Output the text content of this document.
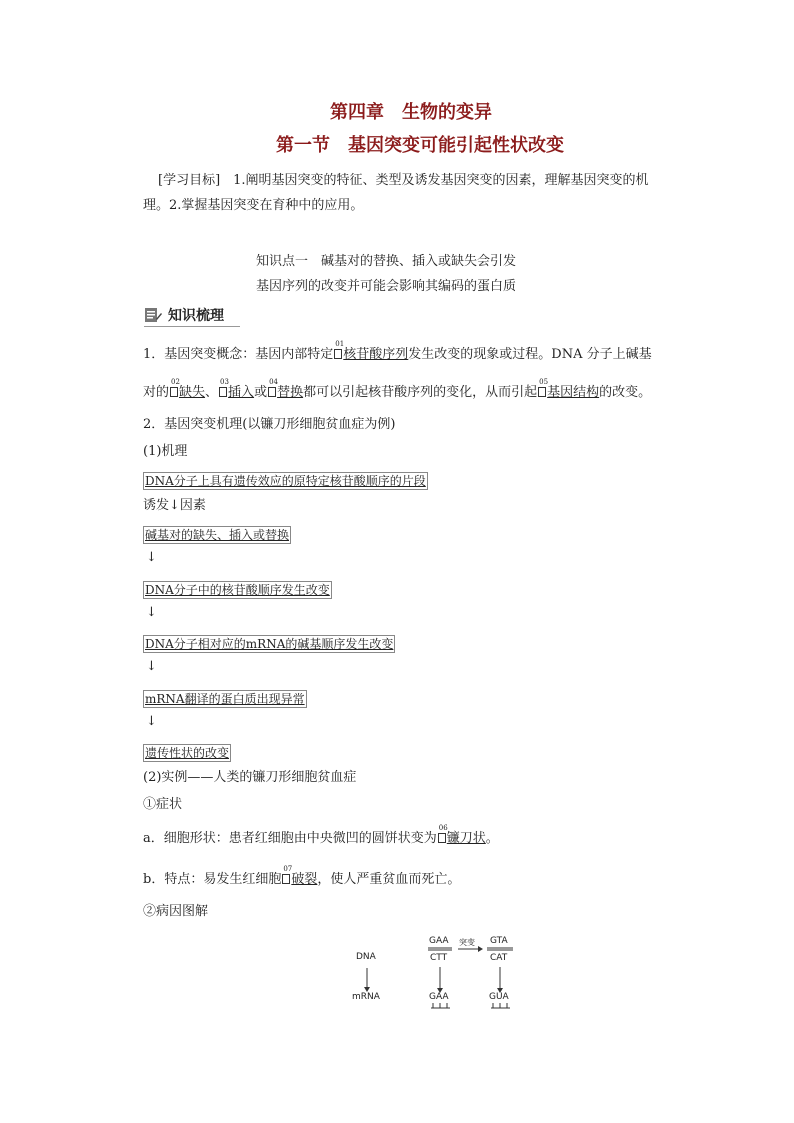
第四章　生物的变异
第一节　基因突变可能引起性状改变
[学习目标]　1.阐明基因突变的特征、类型及诱发基因突变的因素，理解基因突变的机
理。2.掌握基因突变在育种中的应用。
知识点一　碱基对的替换、插入或缺失会引发
基因序列的改变并可能会影响其编码的蛋白质
知识梳理
1．基因突变概念：基因内部特定
01
核苷酸序列发生改变的现象或过程。DNA 分子上碱基
对的
02
缺失、
03
插入或
04
替换都可以引起核苷酸序列的变化，从而引起
05
基因结构的改变。
2．基因突变机理(以镰刀形细胞贫血症为例)
(1)机理
DNA分子上具有遗传效应的原特定核苷酸顺序的片段
诱发↓因素
碱基对的缺失、插入或替换
↓
DNA分子中的核苷酸顺序发生改变
↓
DNA分子相对应的mRNA的碱基顺序发生改变
↓
mRNA翻译的蛋白质出现异常
↓
遗传性状的改变
(2)实例——人类的镰刀形细胞贫血症
①症状
a．细胞形状：患者红细胞由中央微凹的圆饼状变为
06
镰刀状。
b．特点：易发生红细胞
07
破裂，使人严重贫血而死亡。
②病因图解
DNA
mRNA
GAA
CTT
突变 GTA
CAT
GAA	GUA
